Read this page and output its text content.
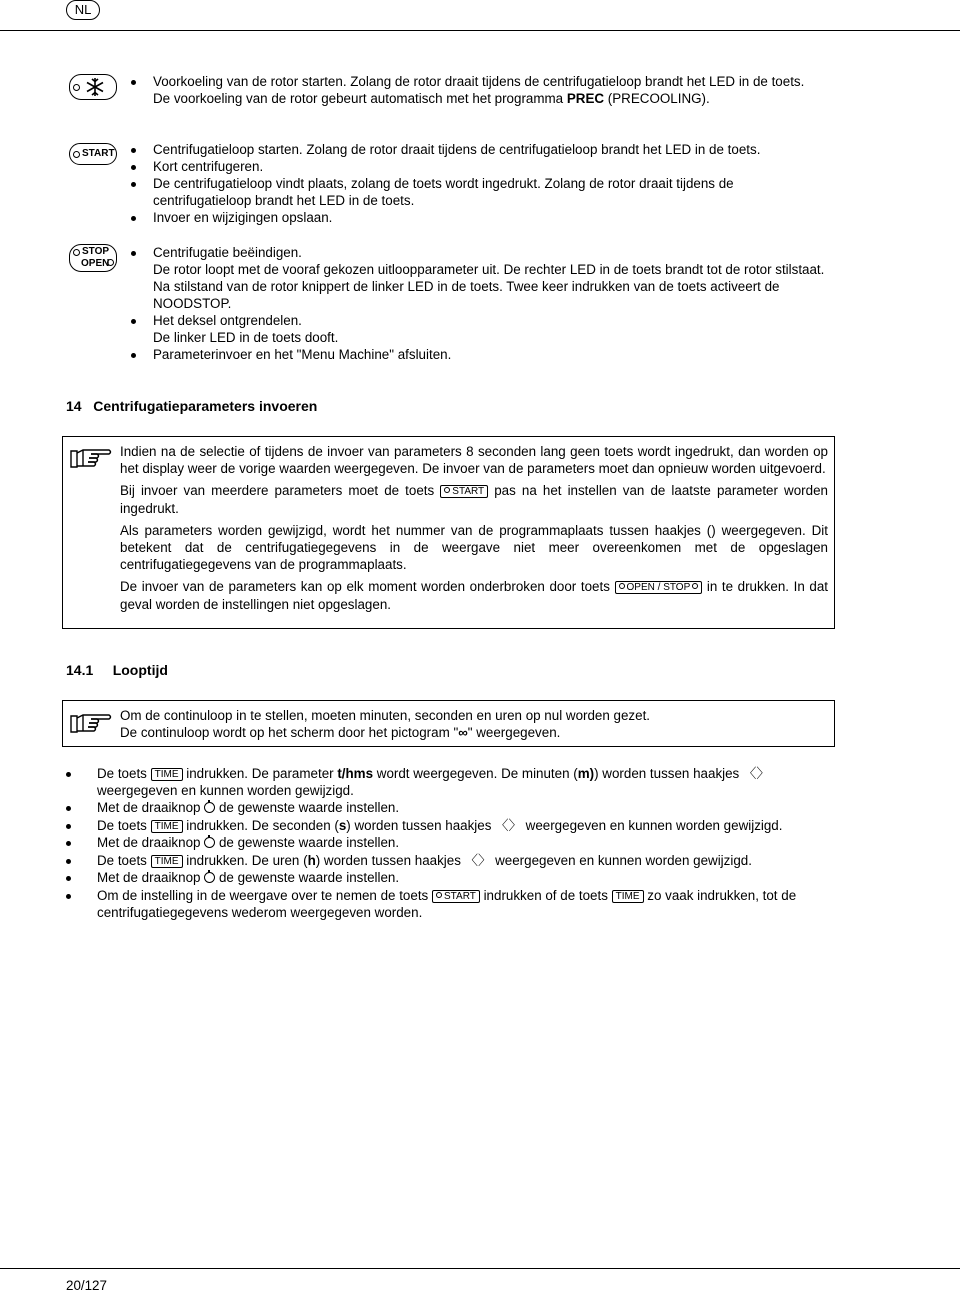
NL
Voorkoeling van de rotor starten. Zolang de rotor draait tijdens de centrifugatieloop brandt het LED in de toets.
De voorkoeling van de rotor gebeurt automatisch met het programma PREC (PRECOOLING).
START	Centrifugatieloop starten. Zolang de rotor draait tijdens de centrifugatieloop brandt het LED in de toets.
Kort centrifugeren.
De centrifugatieloop vindt plaats, zolang de toets wordt ingedrukt. Zolang de rotor draait tijdens de centrifugatieloop brandt het LED in de toets.
Invoer en wijzigingen opslaan.
STOP
OPEN
Centrifugatie beëindigen.
De rotor loopt met de vooraf gekozen uitloopparameter uit. De rechter LED in de toets brandt tot de rotor stilstaat. Na stilstand van de rotor knippert de linker LED in de toets. Twee keer indrukken van de toets activeert de NOODSTOP.
Het deksel ontgrendelen.
De linker LED in de toets dooft.
Parameterinvoer en het "Menu Machine" afsluiten.
14 Centrifugatieparameters invoeren

Indien na de selectie of tijdens de invoer van parameters 8 seconden lang geen toets wordt ingedrukt, dan worden op het display weer de vorige waarden weergegeven. De invoer van de parameters moet dan opnieuw worden uitgevoerd.

Bij invoer van meerdere parameters moet de toets START pas na het instellen van de laatste parameter worden ingedrukt.

Als parameters worden gewijzigd, wordt het nummer van de programmaplaats tussen haakjes () weergegeven. Dit betekent dat de centrifugatiegegevens in de weergave niet meer overeenkomen met de opgeslagen centrifugatiegegevens van de programmaplaats.

De invoer van de parameters kan op elk moment worden onderbroken door toets OPEN / STOP in te drukken. In dat geval worden de instellingen niet opgeslagen.

14.1 Looptijd
Om de continuloop in te stellen, moeten minuten, seconden en uren op nul worden gezet.
De continuloop wordt op het scherm door het pictogram "∞" weergegeven.
De toets TIME indrukken. De parameter t/hms wordt weergegeven. De minuten (m)) worden tussen haakjes 〈〉 weergegeven en kunnen worden gewijzigd.
Met de draaiknop de gewenste waarde instellen.
De toets TIME indrukken. De seconden (s) worden tussen haakjes 〈〉 weergegeven en kunnen worden gewijzigd.
Met de draaiknop de gewenste waarde instellen.
De toets TIME indrukken. De uren (h) worden tussen haakjes 〈〉 weergegeven en kunnen worden gewijzigd.
Met de draaiknop de gewenste waarde instellen.
Om de instelling in de weergave over te nemen de toets START indrukken of de toets TIME zo vaak indrukken, tot de centrifugatiegegevens wederom weergegeven worden.
20/127
